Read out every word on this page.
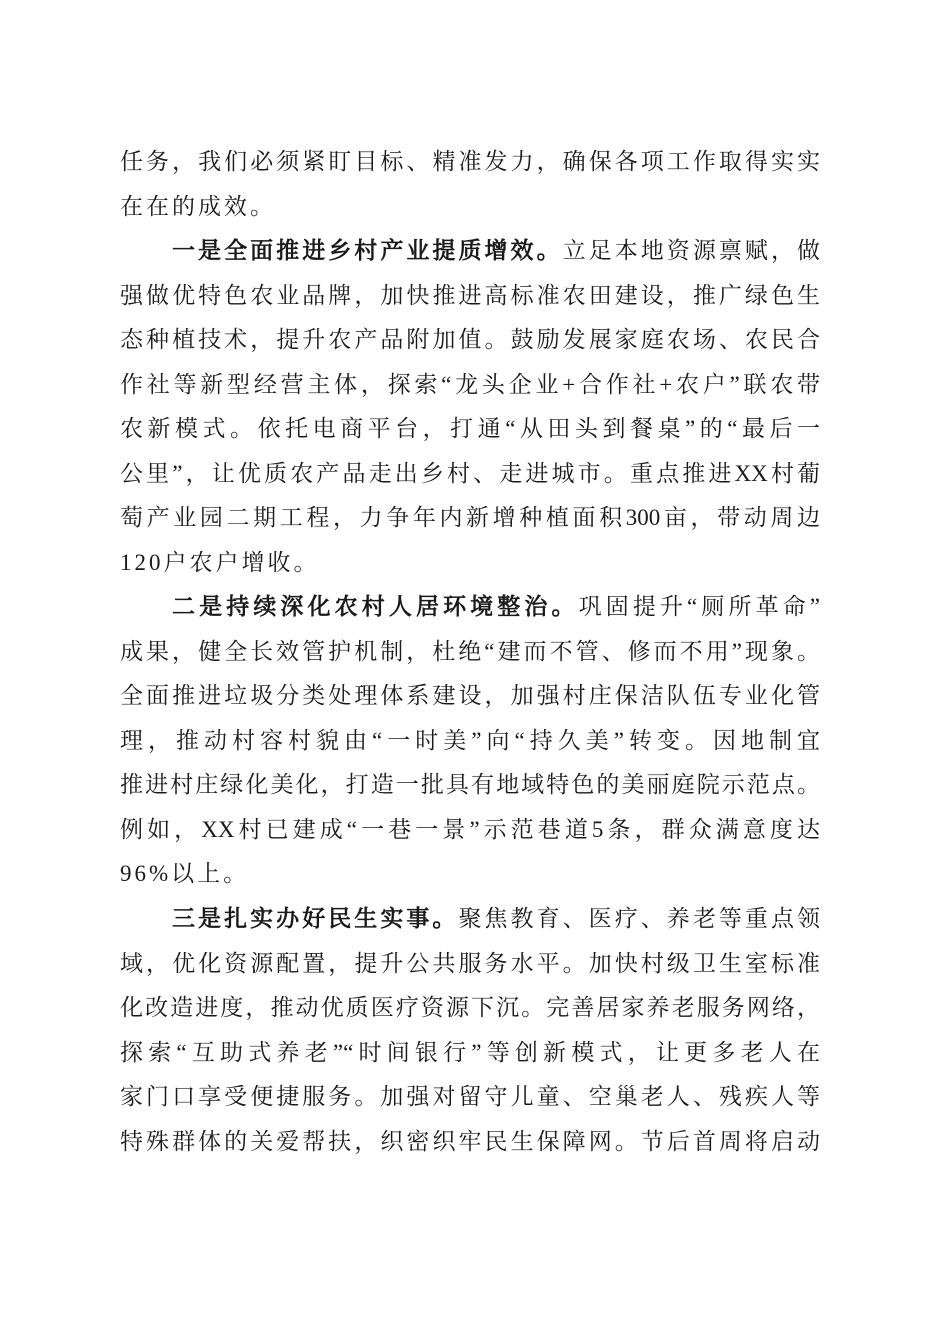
任务，我们必须紧盯目标、精准发力，确保各项工作取得实实
在在的成效。
一是全面推进乡村产业提质增效。立足本地资源禀赋，做
强做优特色农业品牌，加快推进高标准农田建设，推广绿色生
态种植技术，提升农产品附加值。鼓励发展家庭农场、农民合
作社等新型经营主体，探索“龙头企业+合作社+农户”联农带
农新模式。依托电商平台，打通“从田头到餐桌”的“最后一
公里”，让优质农产品走出乡村、走进城市。重点推进XX村葡
萄产业园二期工程，力争年内新增种植面积300亩，带动周边
120户农户增收。
二是持续深化农村人居环境整治。巩固提升“厕所革命”
成果，健全长效管护机制，杜绝“建而不管、修而不用”现象。
全面推进垃圾分类处理体系建设，加强村庄保洁队伍专业化管
理，推动村容村貌由“一时美”向“持久美”转变。因地制宜
推进村庄绿化美化，打造一批具有地域特色的美丽庭院示范点。
例如，XX村已建成“一巷一景”示范巷道5条，群众满意度达
96%以上。
三是扎实办好民生实事。聚焦教育、医疗、养老等重点领
域，优化资源配置，提升公共服务水平。加快村级卫生室标准
化改造进度，推动优质医疗资源下沉。完善居家养老服务网络，
探索“互助式养老”“时间银行”等创新模式，让更多老人在
家门口享受便捷服务。加强对留守儿童、空巢老人、残疾人等
特殊群体的关爱帮扶，织密织牢民生保障网。节后首周将启动
